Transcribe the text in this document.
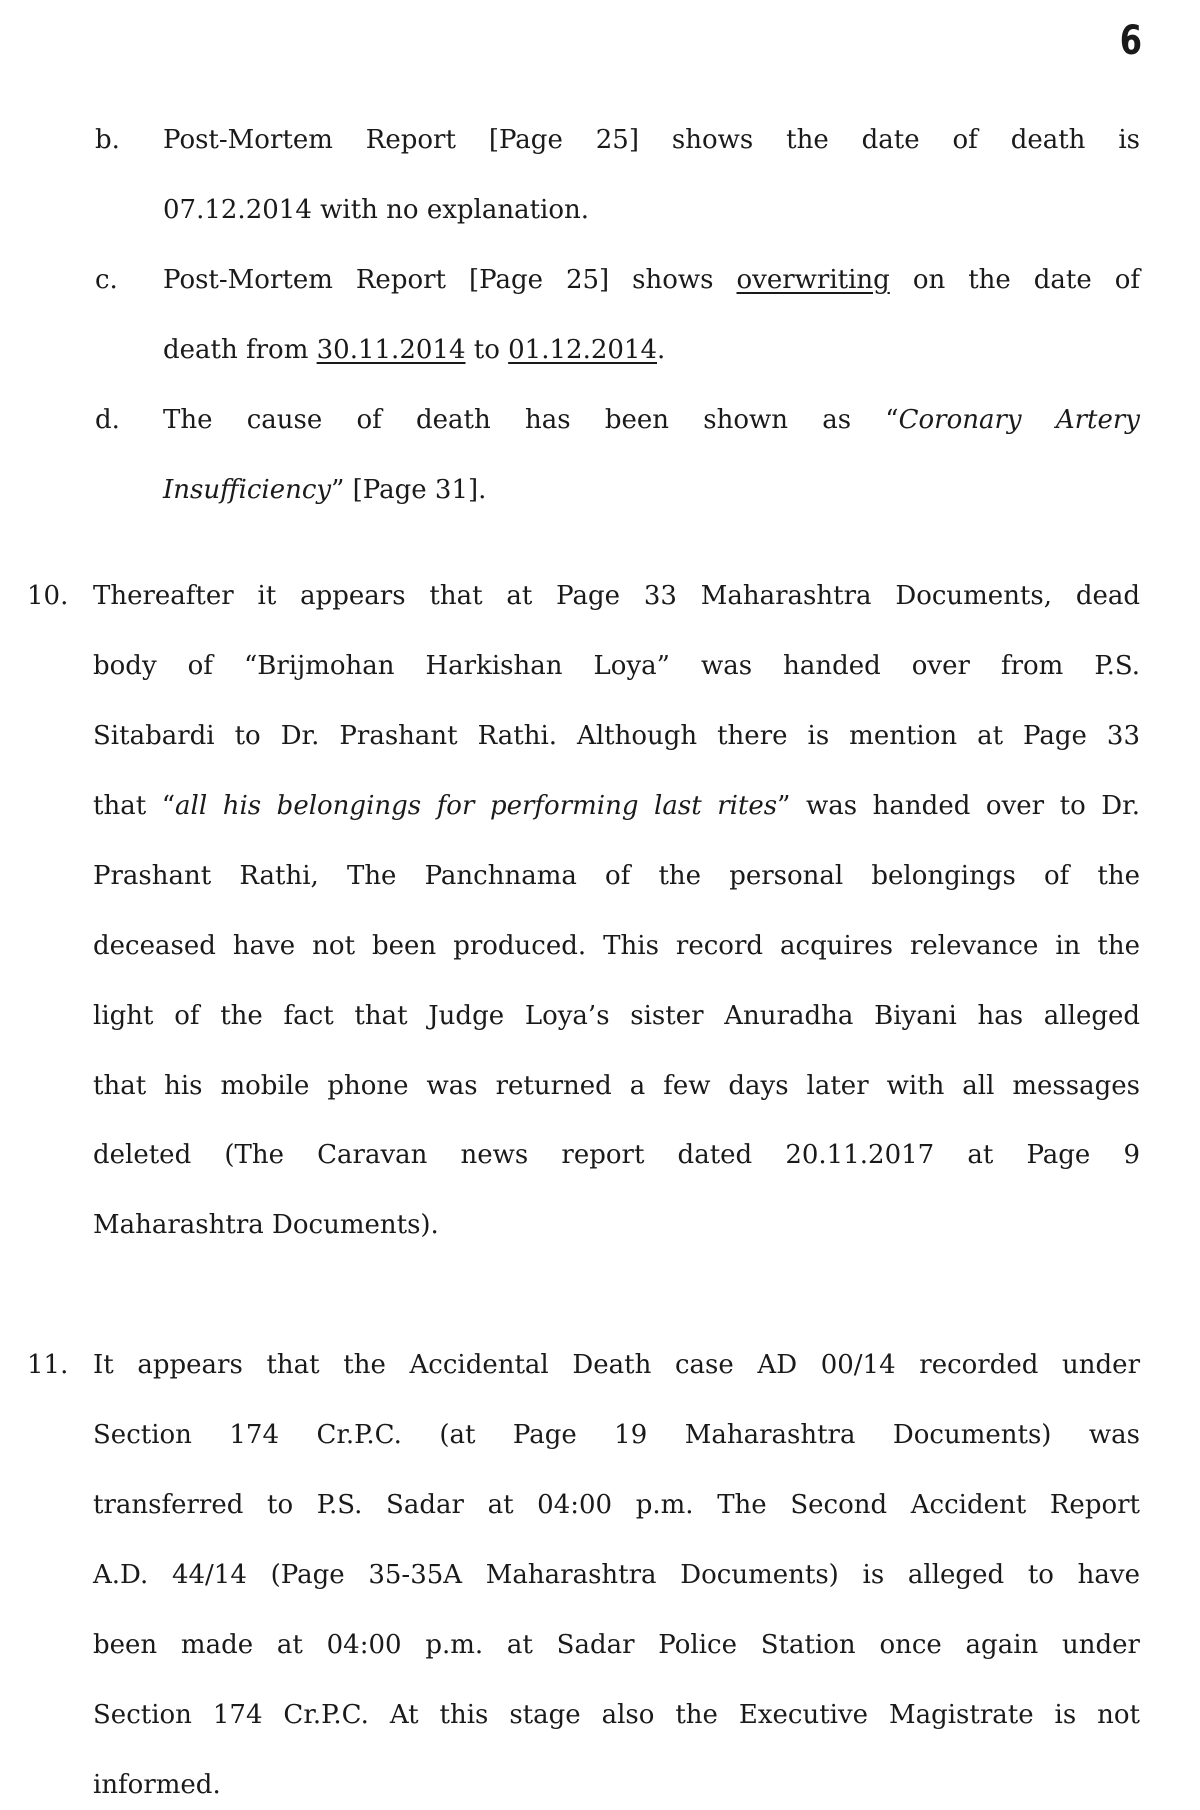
6
b. Post-Mortem Report [Page 25] shows the date of death is
07.12.2014 with no explanation.
c. Post-Mortem Report [Page 25] shows overwriting on the date of
death from 30.11.2014 to 01.12.2014.
d. The cause of death has been shown as “Coronary Artery
Insufficiency” [Page 31].
10. Thereafter it appears that at Page 33 Maharashtra Documents, dead
body of “Brijmohan Harkishan Loya” was handed over from P.S.
Sitabardi to Dr. Prashant Rathi. Although there is mention at Page 33
that “all his belongings for performing last rites” was handed over to Dr.
Prashant Rathi, The Panchnama of the personal belongings of the
deceased have not been produced. This record acquires relevance in the
light of the fact that Judge Loya’s sister Anuradha Biyani has alleged
that his mobile phone was returned a few days later with all messages
deleted (The Caravan news report dated 20.11.2017 at Page 9
Maharashtra Documents).
11. It appears that the Accidental Death case AD 00/14 recorded under
Section 174 Cr.P.C. (at Page 19 Maharashtra Documents) was
transferred to P.S. Sadar at 04:00 p.m. The Second Accident Report
A.D. 44/14 (Page 35-35A Maharashtra Documents) is alleged to have
been made at 04:00 p.m. at Sadar Police Station once again under
Section 174 Cr.P.C. At this stage also the Executive Magistrate is not
informed.
